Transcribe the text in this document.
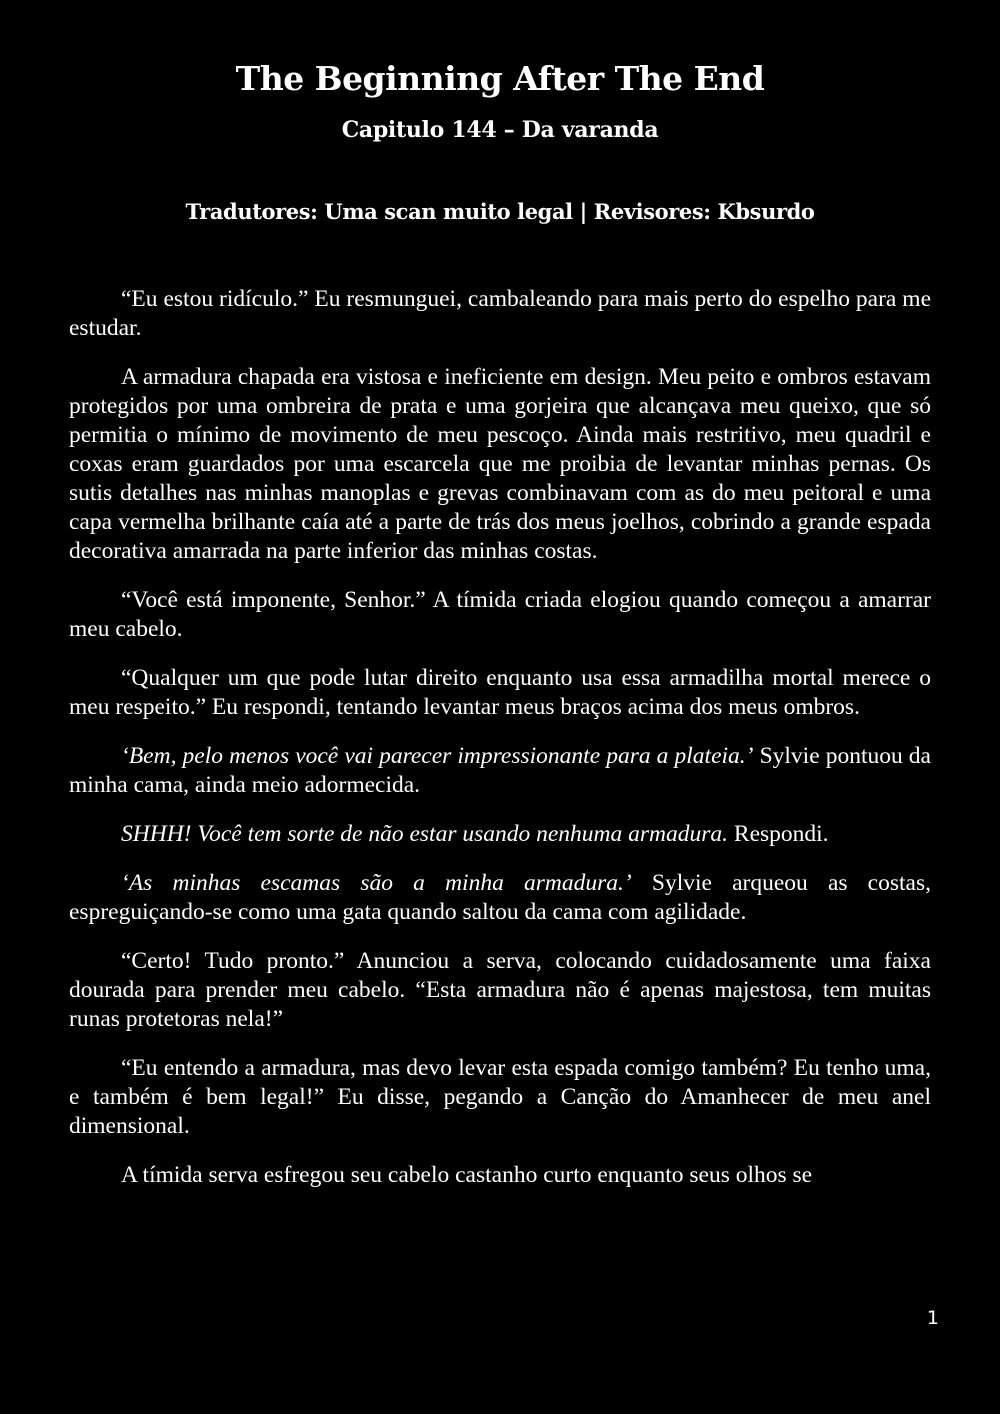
The Beginning After The End
Capitulo 144 – Da varanda
Tradutores: Uma scan muito legal | Revisores: Kbsurdo

“Eu estou ridículo.” Eu resmunguei, cambaleando para mais perto do espelho para me estudar.

A armadura chapada era vistosa e ineficiente em design. Meu peito e ombros estavam protegidos por uma ombreira de prata e uma gorjeira que alcançava meu queixo, que só permitia o mínimo de movimento de meu pescoço. Ainda mais restritivo, meu quadril e coxas eram guardados por uma escarcela que me proibia de levantar minhas pernas. Os sutis detalhes nas minhas manoplas e grevas combinavam com as do meu peitoral e uma capa vermelha brilhante caía até a parte de trás dos meus joelhos, cobrindo a grande espada decorativa amarrada na parte inferior das minhas costas.

“Você está imponente, Senhor.” A tímida criada elogiou quando começou a amarrar meu cabelo.

“Qualquer um que pode lutar direito enquanto usa essa armadilha mortal merece o meu respeito.” Eu respondi, tentando levantar meus braços acima dos meus ombros.

‘Bem, pelo menos você vai parecer impressionante para a plateia.’ Sylvie pontuou da minha cama, ainda meio adormecida.

SHHH! Você tem sorte de não estar usando nenhuma armadura. Respondi.

‘As minhas escamas são a minha armadura.’ Sylvie arqueou as costas, espreguiçando-se como uma gata quando saltou da cama com agilidade.

“Certo! Tudo pronto.” Anunciou a serva, colocando cuidadosamente uma faixa dourada para prender meu cabelo. “Esta armadura não é apenas majestosa, tem muitas runas protetoras nela!”

“Eu entendo a armadura, mas devo levar esta espada comigo também? Eu tenho uma, e também é bem legal!” Eu disse, pegando a Canção do Amanhecer de meu anel dimensional.

A tímida serva esfregou seu cabelo castanho curto enquanto seus olhos se

1
